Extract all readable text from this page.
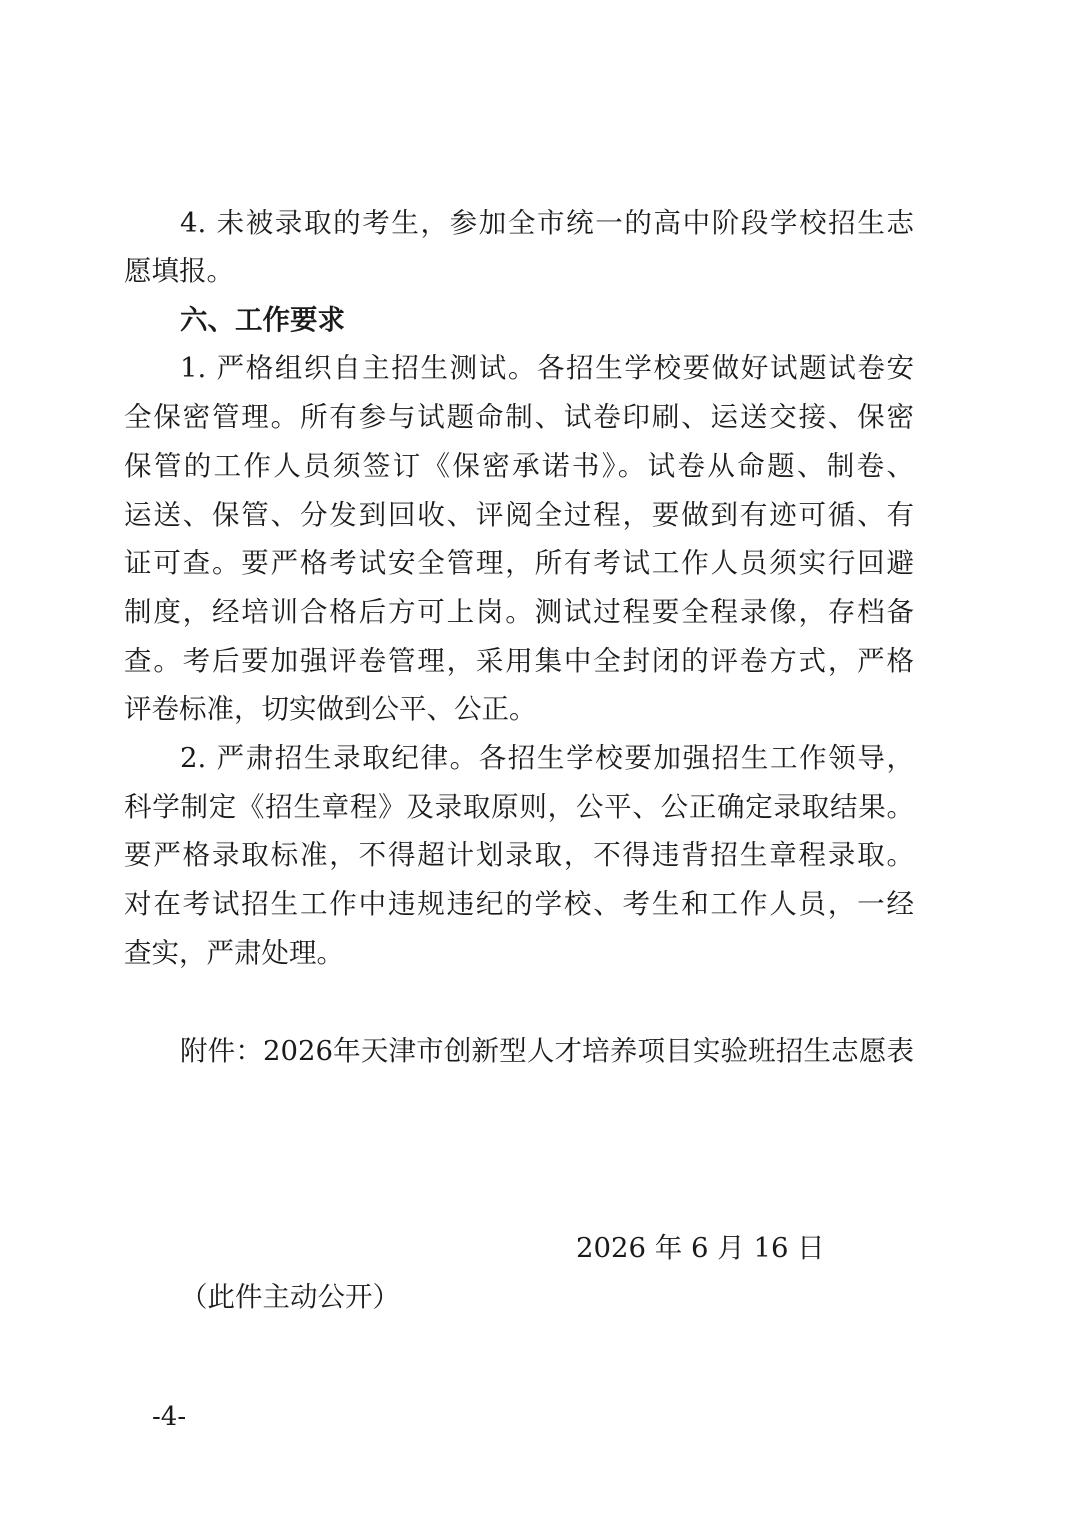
4. 未被录取的考生，参加全市统一的高中阶段学校招生志
愿填报。
六、工作要求
1. 严格组织自主招生测试。各招生学校要做好试题试卷安
全保密管理。所有参与试题命制、试卷印刷、运送交接、保密
保管的工作人员须签订《保密承诺书》。试卷从命题、制卷、
运送、保管、分发到回收、评阅全过程，要做到有迹可循、有
证可查。要严格考试安全管理，所有考试工作人员须实行回避
制度，经培训合格后方可上岗。测试过程要全程录像，存档备
查。考后要加强评卷管理，采用集中全封闭的评卷方式，严格
评卷标准，切实做到公平、公正。
2. 严肃招生录取纪律。各招生学校要加强招生工作领导，
科学制定《招生章程》及录取原则，公平、公正确定录取结果。
要严格录取标准，不得超计划录取，不得违背招生章程录取。
对在考试招生工作中违规违纪的学校、考生和工作人员，一经
查实，严肃处理。
附件：2026年天津市创新型人才培养项目实验班招生志愿表
2026 年 6 月 16 日
（此件主动公开）
-4-
